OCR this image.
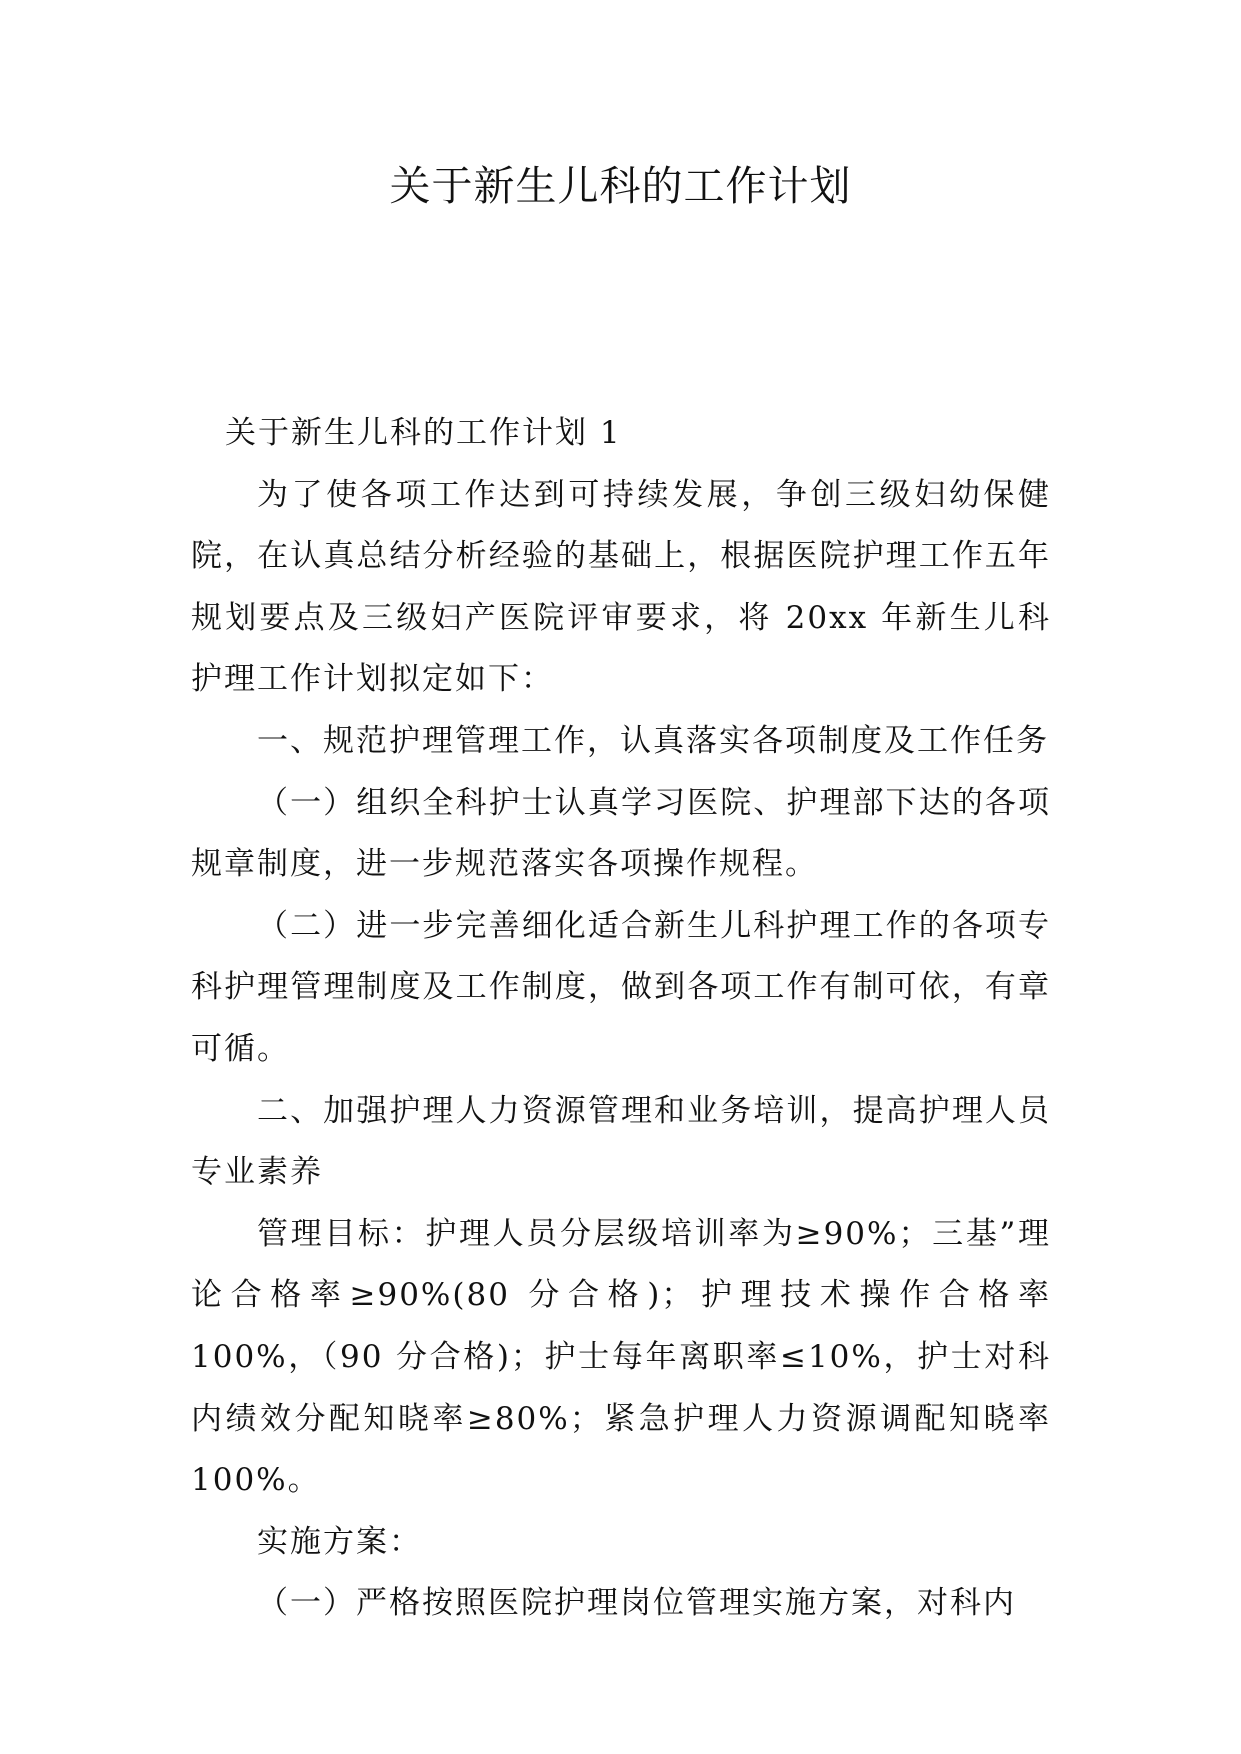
关于新生儿科的工作计划

关于新生儿科的工作计划 1

为了使各项工作达到可持续发展，争创三级妇幼保健院，在认真总结分析经验的基础上，根据医院护理工作五年规划要点及三级妇产医院评审要求，将 20xx 年新生儿科护理工作计划拟定如下：

一、规范护理管理工作，认真落实各项制度及工作任务

（一）组织全科护士认真学习医院、护理部下达的各项规章制度，进一步规范落实各项操作规程。

（二）进一步完善细化适合新生儿科护理工作的各项专科护理管理制度及工作制度，做到各项工作有制可依，有章可循。

二、加强护理人力资源管理和业务培训，提高护理人员专业素养

管理目标：护理人员分层级培训率为≥90%；三基”理论合格率≥90%(80 分合格)；护理技术操作合格率 100%，（90 分合格)；护士每年离职率≤10%，护士对科内绩效分配知晓率≥80%；紧急护理人力资源调配知晓率 100%。

实施方案：

（一）严格按照医院护理岗位管理实施方案，对科内
